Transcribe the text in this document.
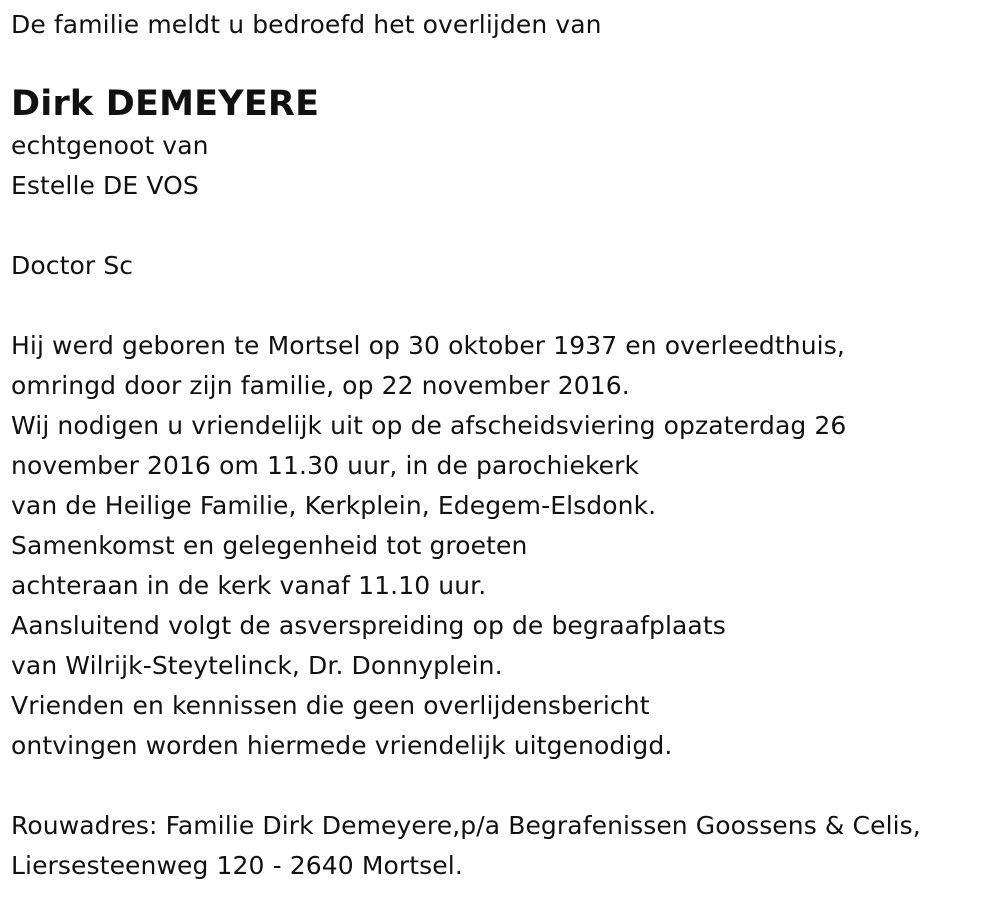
De familie meldt u bedroefd het overlijden van
Dirk DEMEYERE
echtgenoot van
Estelle DE VOS
Doctor Sc
Hij werd geboren te Mortsel op 30 oktober 1937 en overleedthuis,
omringd door zijn familie, op 22 november 2016.
Wij nodigen u vriendelijk uit op de afscheidsviering opzaterdag 26
november 2016 om 11.30 uur, in de parochiekerk
van de Heilige Familie, Kerkplein, Edegem-Elsdonk.
Samenkomst en gelegenheid tot groeten
achteraan in de kerk vanaf 11.10 uur.
Aansluitend volgt de asverspreiding op de begraafplaats
van Wilrijk-Steytelinck, Dr. Donnyplein.
Vrienden en kennissen die geen overlijdensbericht
ontvingen worden hiermede vriendelijk uitgenodigd.
Rouwadres: Familie Dirk Demeyere,p/a Begrafenissen Goossens & Celis,
Liersesteenweg 120 - 2640 Mortsel.
